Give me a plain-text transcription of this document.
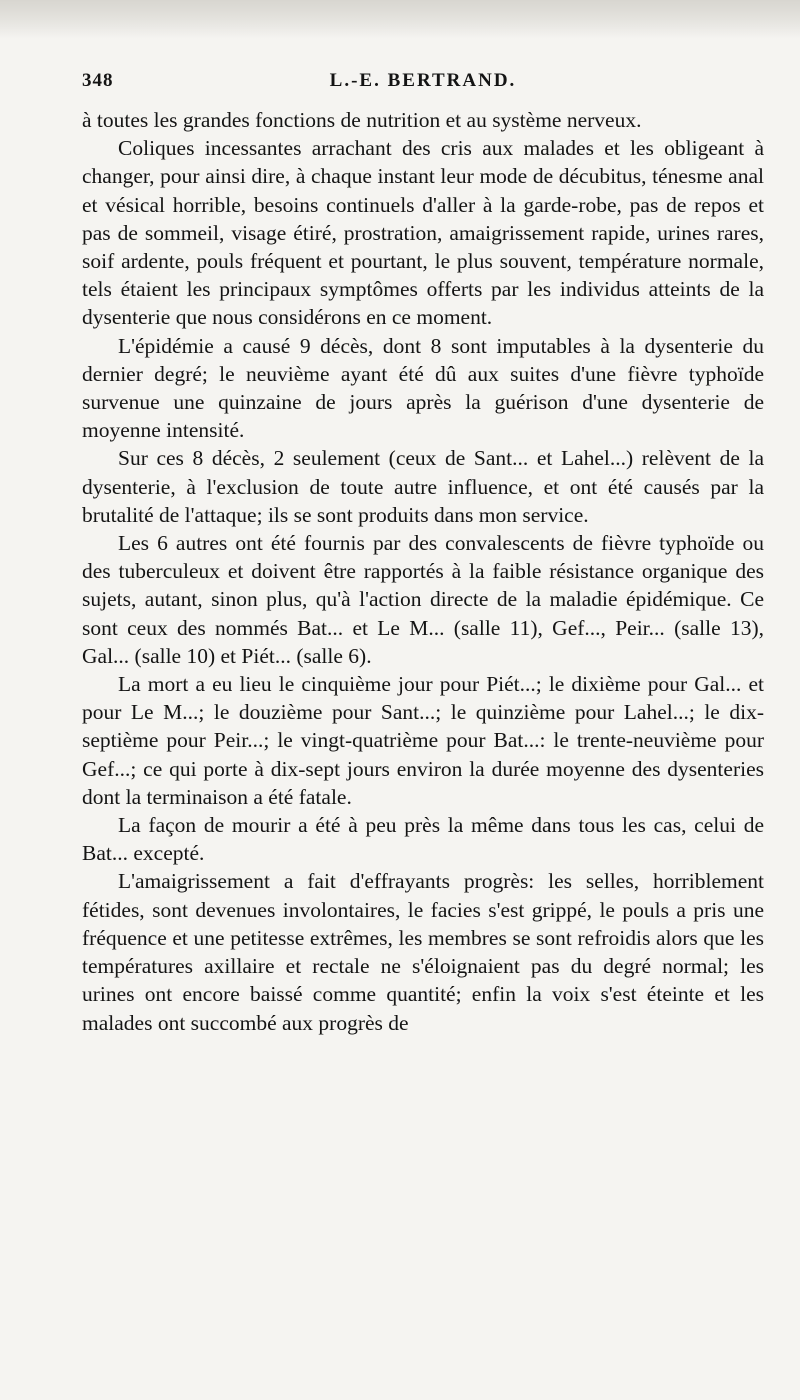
348	L.-E. BERTRAND.

à toutes les grandes fonctions de nutrition et au système nerveux.

Coliques incessantes arrachant des cris aux malades et les obligeant à changer, pour ainsi dire, à chaque instant leur mode de décubitus, ténesme anal et vésical horrible, besoins continuels d'aller à la garde-robe, pas de repos et pas de sommeil, visage étiré, prostration, amaigrissement rapide, urines rares, soif ardente, pouls fréquent et pourtant, le plus souvent, température normale, tels étaient les principaux symptômes offerts par les individus atteints de la dysenterie que nous considérons en ce moment.

L'épidémie a causé 9 décès, dont 8 sont imputables à la dysenterie du dernier degré; le neuvième ayant été dû aux suites d'une fièvre typhoïde survenue une quinzaine de jours après la guérison d'une dysenterie de moyenne intensité.

Sur ces 8 décès, 2 seulement (ceux de Sant... et Lahel...) relèvent de la dysenterie, à l'exclusion de toute autre influence, et ont été causés par la brutalité de l'attaque; ils se sont produits dans mon service.

Les 6 autres ont été fournis par des convalescents de fièvre typhoïde ou des tuberculeux et doivent être rapportés à la faible résistance organique des sujets, autant, sinon plus, qu'à l'action directe de la maladie épidémique. Ce sont ceux des nommés Bat... et Le M... (salle 11), Gef..., Peir... (salle 13), Gal... (salle 10) et Piét... (salle 6).

La mort a eu lieu le cinquième jour pour Piét...; le dixième pour Gal... et pour Le M...; le douzième pour Sant...; le quinzième pour Lahel...; le dix-septième pour Peir...; le vingt-quatrième pour Bat...: le trente-neuvième pour Gef...; ce qui porte à dix-sept jours environ la durée moyenne des dysenteries dont la terminaison a été fatale.

La façon de mourir a été à peu près la même dans tous les cas, celui de Bat... excepté.

L'amaigrissement a fait d'effrayants progrès: les selles, horriblement fétides, sont devenues involontaires, le facies s'est grippé, le pouls a pris une fréquence et une petitesse extrêmes, les membres se sont refroidis alors que les températures axillaire et rectale ne s'éloignaient pas du degré normal; les urines ont encore baissé comme quantité; enfin la voix s'est éteinte et les malades ont succombé aux progrès de
